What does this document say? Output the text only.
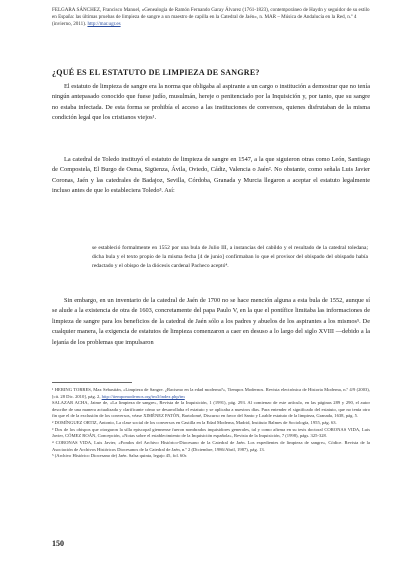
FELGARA SÁNCHEZ, Francisco Manuel, «Genealogía de Ramón Fernando Garay Álvarez (1761-1823), contemporáneo de Haydn y seguidor de su estilo en España: las últimas pruebas de limpieza de sangre a un maestro de capilla en la Catedral de Jaén», n. MAR – Música de Andalucía en la Red, n.º 4 (invierno, 2011). http://mar.ugr.es
¿QUÉ ES EL ESTATUTO DE LIMPIEZA DE SANGRE?

El estatuto de limpieza de sangre era la norma que obligaba al aspirante a un cargo o institución a demostrar que no tenía ningún antepasado conocido que fuese judío, musulmán, hereje o penitenciado por la Inquisición y, por tanto, que su sangre no estaba infectada. De esta forma se prohibía el acceso a las instituciones de conversos, quienes disfrutaban de la misma condición legal que los cristianos viejos¹.

La catedral de Toledo instituyó el estatuto de limpieza de sangre en 1547, a la que siguieron otras como León, Santiago de Compostela, El Burgo de Osma, Sigüenza, Ávila, Oviedo, Cádiz, Valencia o Jaén². No obstante, como señala Luis Javier Coronas, Jaén y las catedrales de Badajoz, Sevilla, Córdoba, Granada y Murcia llegaron a aceptar el estatuto legalmente incluso antes de que lo estableciera Toledo³. Así:

se estableció formalmente en 1552 por una bula de Julio III, a instancias del cabildo y el resultado de la catedral toledana; dicha bula y el texto propio de la misma fecha [4 de junio] confirmaban lo que el provisor del obispado del obispado había redactado y el obispo de la diócesis cardenal Pacheco aceptó⁴.

Sin embargo, en un inventario de la catedral de Jaén de 1700 no se hace mención alguna a esta bula de 1552, aunque sí se alude a la existencia de otra de 1603, concretamente del papa Paulo V, en la que el pontífice limitaba las informaciones de limpieza de sangre para los beneficios de la catedral de Jaén sólo a los padres y abuelos de los aspirantes a los mismos⁵. De cualquier manera, la exigencia de estatutos de limpieza comenzaron a caer en desuso a lo largo del siglo XVIII —debido a la lejanía de los problemas que impulsaron

¹ HERING TORRES, Max Sebastián, «Limpieza de Sangre. ¿Racismo en la edad moderna?», Tiempos Modernos. Revista electrónica de Historia Moderna, n.º 4/9 (2003), [cit. 28 Dic. 2010], pág. 2, http://tiempomodernos.org/tm3/index.php/tm

SALAZAR ACHA, Jaime de, «La limpieza de sangre», Revista de la Inquisición, 1 (1991), pág. 293. Al comienzo de este artículo, en las páginas 289 y 290, el autor describe de una manera actualizada y clarificante cómo se desarrollaba el estatuto y se aplicaba a nuestros días. Para entender el significado del estatuto, que no tenía otro fin que el de la exclusión de los conversos, véase XIMÉNEZ PATÓN, Bartolomé, Discurso en favor del Santo y Loable estatuto de la limpieza, Granada, 1638, pág. 5.

² DOMÍNGUEZ ORTIZ, Antonio, La clase social de los conversos en Castilla en la Edad Moderna, Madrid, Instituto Balmes de Sociología, 1955, pág. 63.

³ Dos de los obispos que otorgaron la silla episcopal giennense fueron nombrados inquisidores generales, tal y como afirma en su tesis doctoral CORONAS VIDA, Luis Javier, CÓMEZ ROÁN, Concepción, «Notas sobre el establecimiento de la Inquisición española», Revista de la Inquisición, 7 (1998), págs. 325-328.

⁴ CORONAS VIDA, Luis Javier, «Fondos del Archivo Histórico-Diocesano de la Catedral de Jaén. Los expedientes de limpieza de sangre», Códice. Revista de la Asociación de Archivos Históricos Diocesanos de la Catedral de Jaén, n.º 2 (Diciembre, 1986/Abril, 1987), pág. 13.

⁵ (Archivo Histórico Diocesano de) Jaén. Salsa quinta, legajo 45, fol. 60r.

150
